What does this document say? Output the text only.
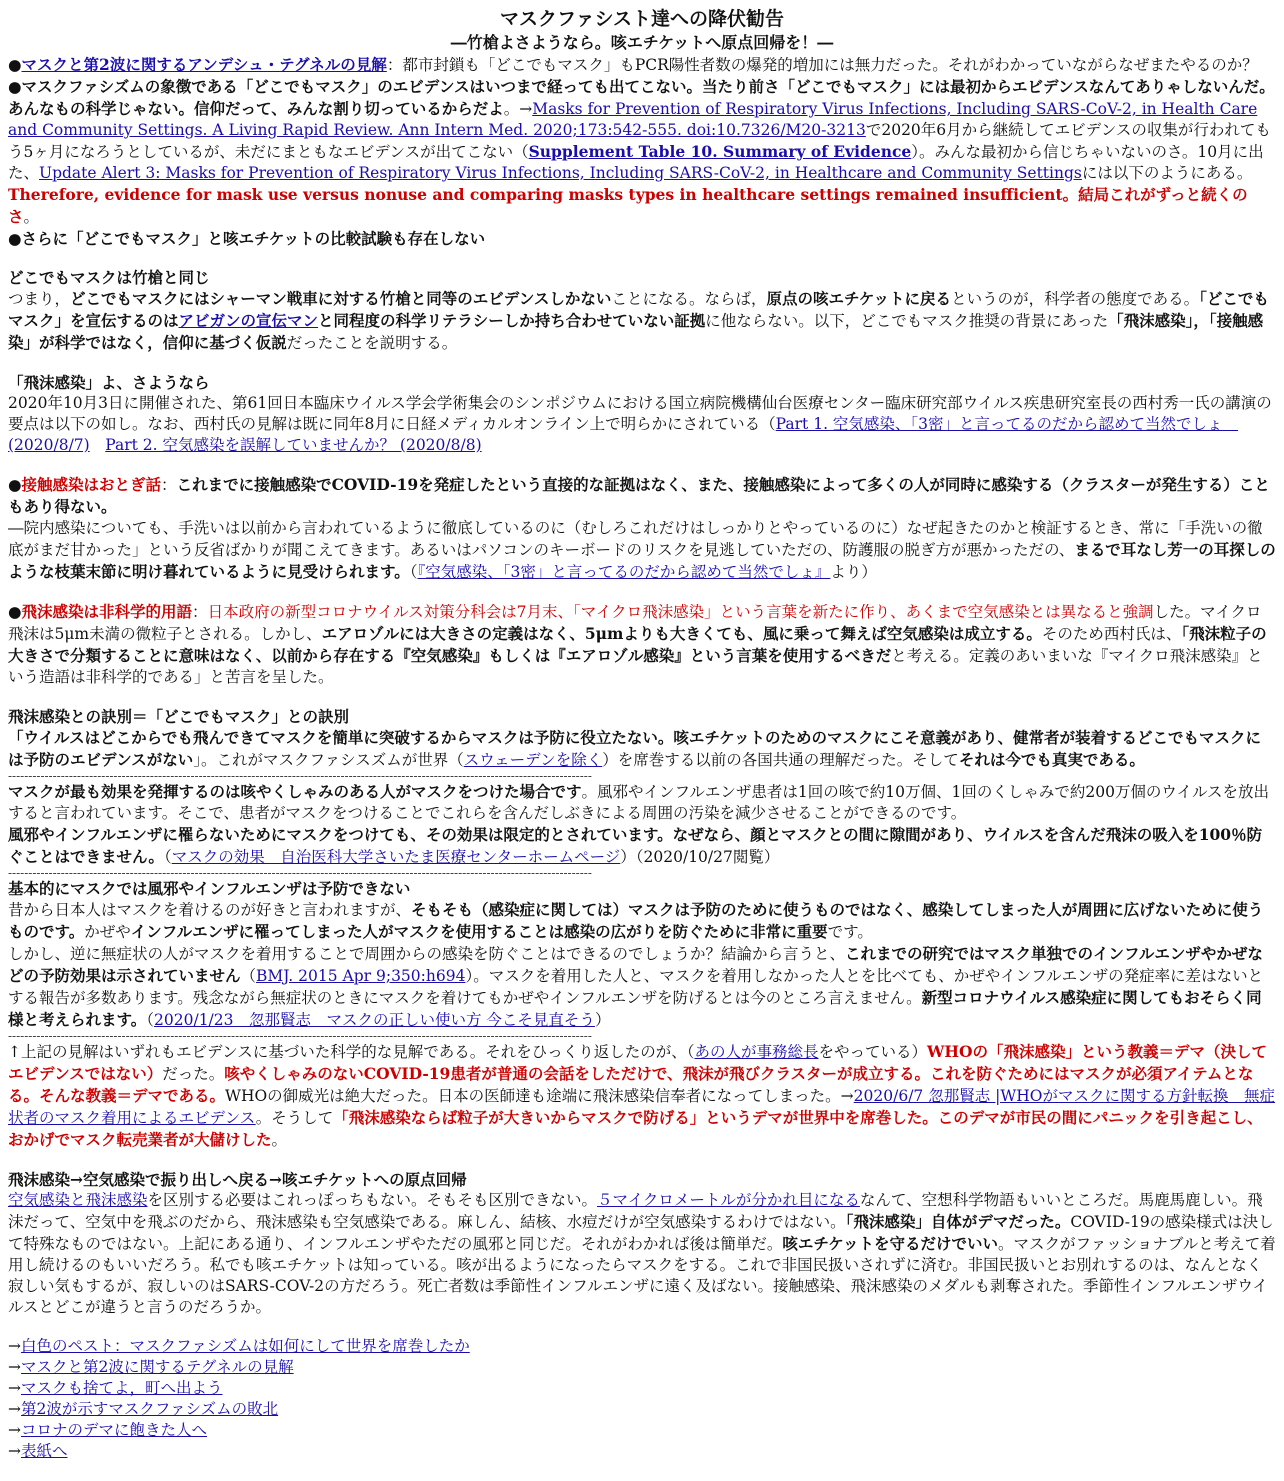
マスクファシスト達への降伏勧告
―竹槍よさようなら。咳エチケットへ原点回帰を！―

●マスクと第2波に関するアンデシュ・テグネルの見解：都市封鎖も「どこでもマスク」もPCR陽性者数の爆発的増加には無力だった。それがわかっていながらなぜまたやるのか？

●マスクファシズムの象徴である「どこでもマスク」のエビデンスはいつまで経っても出てこない。当たり前さ「どこでもマスク」には最初からエビデンスなんてありゃしないんだ。あんなもの科学じゃない。信仰だって、みんな割り切っているからだよ。→Masks for Prevention of Respiratory Virus Infections, Including SARS-CoV-2, in Health Care and Community Settings. A Living Rapid Review. Ann Intern Med. 2020;173:542-555. doi:10.7326/M20-3213で2020年6月から継続してエビデンスの収集が行われてもう5ヶ月になろうとしているが、未だにまともなエビデンスが出てこない（Supplement Table 10. Summary of Evidence）。みんな最初から信じちゃいないのさ。10月に出た、Update Alert 3: Masks for Prevention of Respiratory Virus Infections, Including SARS-CoV-2, in Healthcare and Community Settingsには以下のようにある。Therefore, evidence for mask use versus nonuse and comparing masks types in healthcare settings remained insufficient。結局これがずっと続くのさ。

●さらに「どこでもマスク」と咳エチケットの比較試験も存在しない

どこでもマスクは竹槍と同じ

つまり，どこでもマスクにはシャーマン戦車に対する竹槍と同等のエビデンスしかないことになる。ならば，原点の咳エチケットに戻るというのが，科学者の態度である。「どこでもマスク」を宣伝するのはアビガンの宣伝マンと同程度の科学リテラシーしか持ち合わせていない証拠に他ならない。以下，どこでもマスク推奨の背景にあった「飛沫感染」，「接触感染」が科学ではなく，信仰に基づく仮説だったことを説明する。

「飛沫感染」よ、さようなら

2020年10月3日に開催された、第61回日本臨床ウイルス学会学術集会のシンポジウムにおける国立病院機構仙台医療センター臨床研究部ウイルス疾患研究室長の西村秀一氏の講演の要点は以下の如し。なお、西村氏の見解は既に同年8月に日経メディカルオンライン上で明らかにされている（Part 1. 空気感染、「3密」と言ってるのだから認めて当然でしょ　(2020/8/7)　 Part 2. 空気感染を誤解していませんか？ (2020/8/8)

●接触感染はおとぎ話：これまでに接触感染でCOVID-19を発症したという直接的な証拠はなく、また、接触感染によって多くの人が同時に感染する（クラスターが発生する）こともあり得ない。

―院内感染についても、手洗いは以前から言われているように徹底しているのに（むしろこれだけはしっかりとやっているのに）なぜ起きたのかと検証するとき、常に「手洗いの徹底がまだ甘かった」という反省ばかりが聞こえてきます。あるいはパソコンのキーボードのリスクを見逃していただの、防護服の脱ぎ方が悪かっただの、まるで耳なし芳一の耳探しのような枝葉末節に明け暮れているように見受けられます。（『空気感染、「3密」と言ってるのだから認めて当然でしょ』より）

●飛沫感染は非科学的用語：日本政府の新型コロナウイルス対策分科会は7月末、「マイクロ飛沫感染」という言葉を新たに作り、あくまで空気感染とは異なると強調した。マイクロ飛沫は5μm未満の微粒子とされる。しかし、エアロゾルには大きさの定義はなく、5μmよりも大きくても、風に乗って舞えば空気感染は成立する。そのため西村氏は、「飛沫粒子の大きさで分類することに意味はなく、以前から存在する『空気感染』もしくは『エアロゾル感染』という言葉を使用するべきだと考える。定義のあいまいな『マイクロ飛沫感染』という造語は非科学的である」と苦言を呈した。

飛沫感染との訣別＝「どこでもマスク」との訣別

「ウイルスはどこからでも飛んできてマスクを簡単に突破するからマスクは予防に役立たない。咳エチケットのためのマスクにこそ意義があり、健常者が装着するどこでもマスクには予防のエビデンスがない」。これがマスクファシスズムが世界（スウェーデンを除く）を席巻する以前の各国共通の理解だった。そしてそれは今でも真実である。

------------------------------------------------------------------------------------------------------------------------------------------------

マスクが最も効果を発揮するのは咳やくしゃみのある人がマスクをつけた場合です。風邪やインフルエンザ患者は1回の咳で約10万個、1回のくしゃみで約200万個のウイルスを放出すると言われています。そこで、患者がマスクをつけることでこれらを含んだしぶきによる周囲の汚染を減少させることができるのです。

風邪やインフルエンザに罹らないためにマスクをつけても、その効果は限定的とされています。なぜなら、顔とマスクとの間に隙間があり、ウイルスを含んだ飛沫の吸入を100％防ぐことはできません。（マスクの効果　自治医科大学さいたま医療センターホームページ）（2020/10/27閲覧）

------------------------------------------------------------------------------------------------------------------------------------------------

基本的にマスクでは風邪やインフルエンザは予防できない

昔から日本人はマスクを着けるのが好きと言われますが、そもそも（感染症に関しては）マスクは予防のために使うものではなく、感染してしまった人が周囲に広げないために使うものです。かぜやインフルエンザに罹ってしまった人がマスクを使用することは感染の広がりを防ぐために非常に重要です。

しかし、逆に無症状の人がマスクを着用することで周囲からの感染を防ぐことはできるのでしょうか？結論から言うと、これまでの研究ではマスク単独でのインフルエンザやかぜなどの予防効果は示されていません（BMJ. 2015 Apr 9;350:h694）。マスクを着用した人と、マスクを着用しなかった人とを比べても、かぜやインフルエンザの発症率に差はないとする報告が多数あります。残念ながら無症状のときにマスクを着けてもかぜやインフルエンザを防げるとは今のところ言えません。新型コロナウイルス感染症に関してもおそらく同様と考えられます。（2020/1/23　忽那賢志　マスクの正しい使い方 今こそ見直そう）

------------------------------------------------------------------------------------------------------------------------------------------------

↑上記の見解はいずれもエビデンスに基づいた科学的な見解である。それをひっくり返したのが、（あの人が事務総長をやっている）WHOの「飛沫感染」という教義＝デマ（決してエビデンスではない）だった。咳やくしゃみのないCOVID-19患者が普通の会話をしただけで、飛沫が飛びクラスターが成立する。これを防ぐためにはマスクが必須アイテムとなる。そんな教義＝デマである。WHOの御威光は絶大だった。日本の医師達も途端に飛沫感染信奉者になってしまった。→2020/6/7 忽那賢志 |WHOがマスクに関する方針転換　無症状者のマスク着用によるエビデンス。そうして「飛沫感染ならば粒子が大きいからマスクで防げる」というデマが世界中を席巻した。このデマが市民の間にパニックを引き起こし、おかげでマスク転売業者が大儲けした。

飛沫感染→空気感染で振り出しへ戻る→咳エチケットへの原点回帰

空気感染と飛沫感染を区別する必要はこれっぽっちもない。そもそも区別できない。５マイクロメートルが分かれ目になるなんて、空想科学物語もいいところだ。馬鹿馬鹿しい。飛沫だって、空気中を飛ぶのだから、飛沫感染も空気感染である。麻しん、結核、水痘だけが空気感染するわけではない。「飛沫感染」自体がデマだった。COVID-19の感染様式は決して特殊なものではない。上記にある通り、インフルエンザやただの風邪と同じだ。それがわかれば後は簡単だ。咳エチケットを守るだけでいい。マスクがファッショナブルと考えて着用し続けるのもいいだろう。私でも咳エチケットは知っている。咳が出るようになったらマスクをする。これで非国民扱いされずに済む。非国民扱いとお別れするのは、なんとなく寂しい気もするが、寂しいのはSARS-COV-2の方だろう。死亡者数は季節性インフルエンザに遠く及ばない。接触感染、飛沫感染のメダルも剥奪された。季節性インフルエンザウイルスとどこが違うと言うのだろうか。

→白色のペスト：マスクファシズムは如何にして世界を席巻したか

→マスクと第2波に関するテグネルの見解

→マスクも捨てよ，町へ出よう

→第2波が示すマスクファシズムの敗北

→コロナのデマに飽きた人へ

→表紙へ
